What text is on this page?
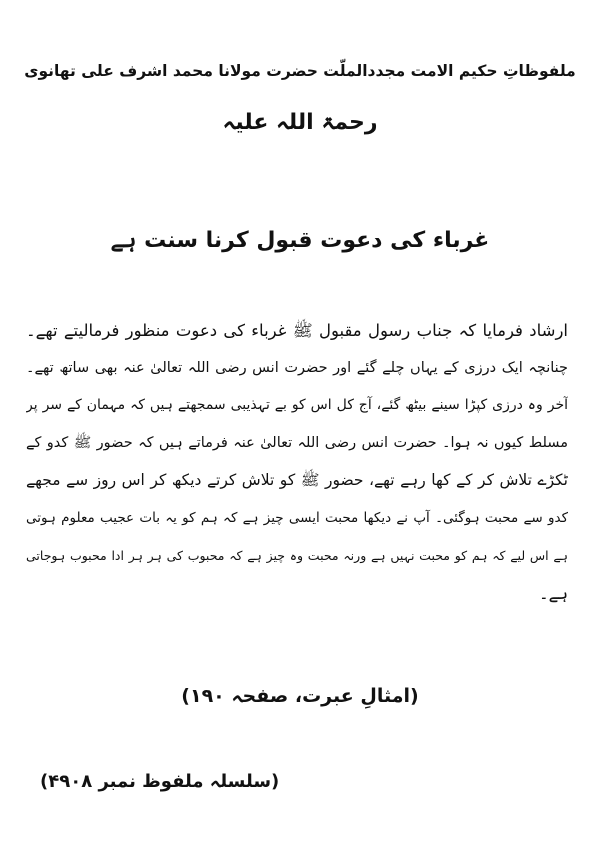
ملفوظاتِ حکیم الامت مجددالملّت حضرت مولانا محمد اشرف علی تھانوی
رحمۃ اللہ علیہ
غرباء کی دعوت قبول کرنا سنت ہے
ارشاد فرمایا کہ جناب رسول مقبول ﷺ غرباء کی دعوت منظور فرمالیتے تھے۔
چنانچہ ایک درزی کے یہاں چلے گئے اور حضرت انس رضی اللہ تعالیٰ عنہ بھی ساتھ تھے۔
آخر وہ درزی کپڑا سینے بیٹھ گئے، آج کل اس کو بے تہذیبی سمجھتے ہیں کہ مہمان کے سر پر
مسلط کیوں نہ ہوا۔ حضرت انس رضی اللہ تعالیٰ عنہ فرماتے ہیں کہ حضور ﷺ کدو کے
ٹکڑے تلاش کر کے کھا رہے تھے، حضور ﷺ کو تلاش کرتے دیکھ کر اس روز سے مجھے
کدو سے محبت ہوگئی۔ آپ نے دیکھا محبت ایسی چیز ہے کہ ہم کو یہ بات عجیب معلوم ہوتی
ہے اس لیے کہ ہم کو محبت نہیں ہے ورنہ محبت وہ چیز ہے کہ محبوب کی ہر ہر ادا محبوب ہوجاتی
ہے۔
(امثالِ عبرت، صفحہ ۱۹۰)
(سلسلہ ملفوظ نمبر ۴۹۰۸)
